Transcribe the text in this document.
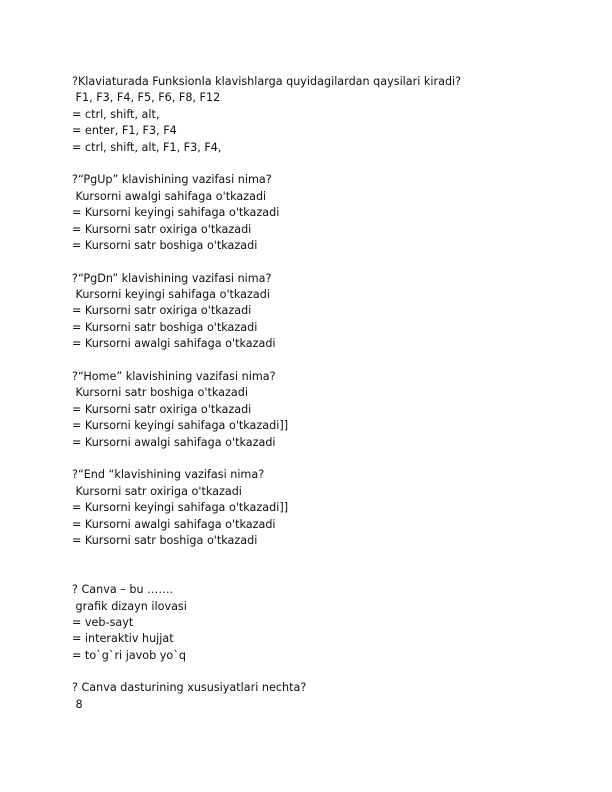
?Klaviaturada Funksionla klavishlarga quyidagilardan qaysilari kiradi?
F1, F3, F4, F5, F6, F8, F12
= ctrl, shift, alt,
= enter, F1, F3, F4
= ctrl, shift, alt, F1, F3, F4,
?“PgUp” klavishining vazifasi nima?
Kursorni awalgi sahifaga o'tkazadi
= Kursorni keyingi sahifaga o'tkazadi
= Kursorni satr oxiriga o'tkazadi
= Kursorni satr boshiga o'tkazadi
?“PgDn” klavishining vazifasi nima?
Kursorni keyingi sahifaga o'tkazadi
= Kursorni satr oxiriga o'tkazadi
= Kursorni satr boshiga o'tkazadi
= Kursorni awalgi sahifaga o'tkazadi
?“Home” klavishining vazifasi nima?
Kursorni satr boshiga o'tkazadi
= Kursorni satr oxiriga o'tkazadi
= Kursorni keyingi sahifaga o'tkazadi]]
= Kursorni awalgi sahifaga o'tkazadi
?“End “klavishining vazifasi nima?
Kursorni satr oxiriga o'tkazadi
= Kursorni keyingi sahifaga o'tkazadi]]
= Kursorni awalgi sahifaga o'tkazadi
= Kursorni satr boshiga o'tkazadi
? Canva – bu …….
grafik dizayn ilovasi
= veb-sayt
= interaktiv hujjat
= to`g`ri javob yo`q
? Canva dasturining xususiyatlari nechta?
8
